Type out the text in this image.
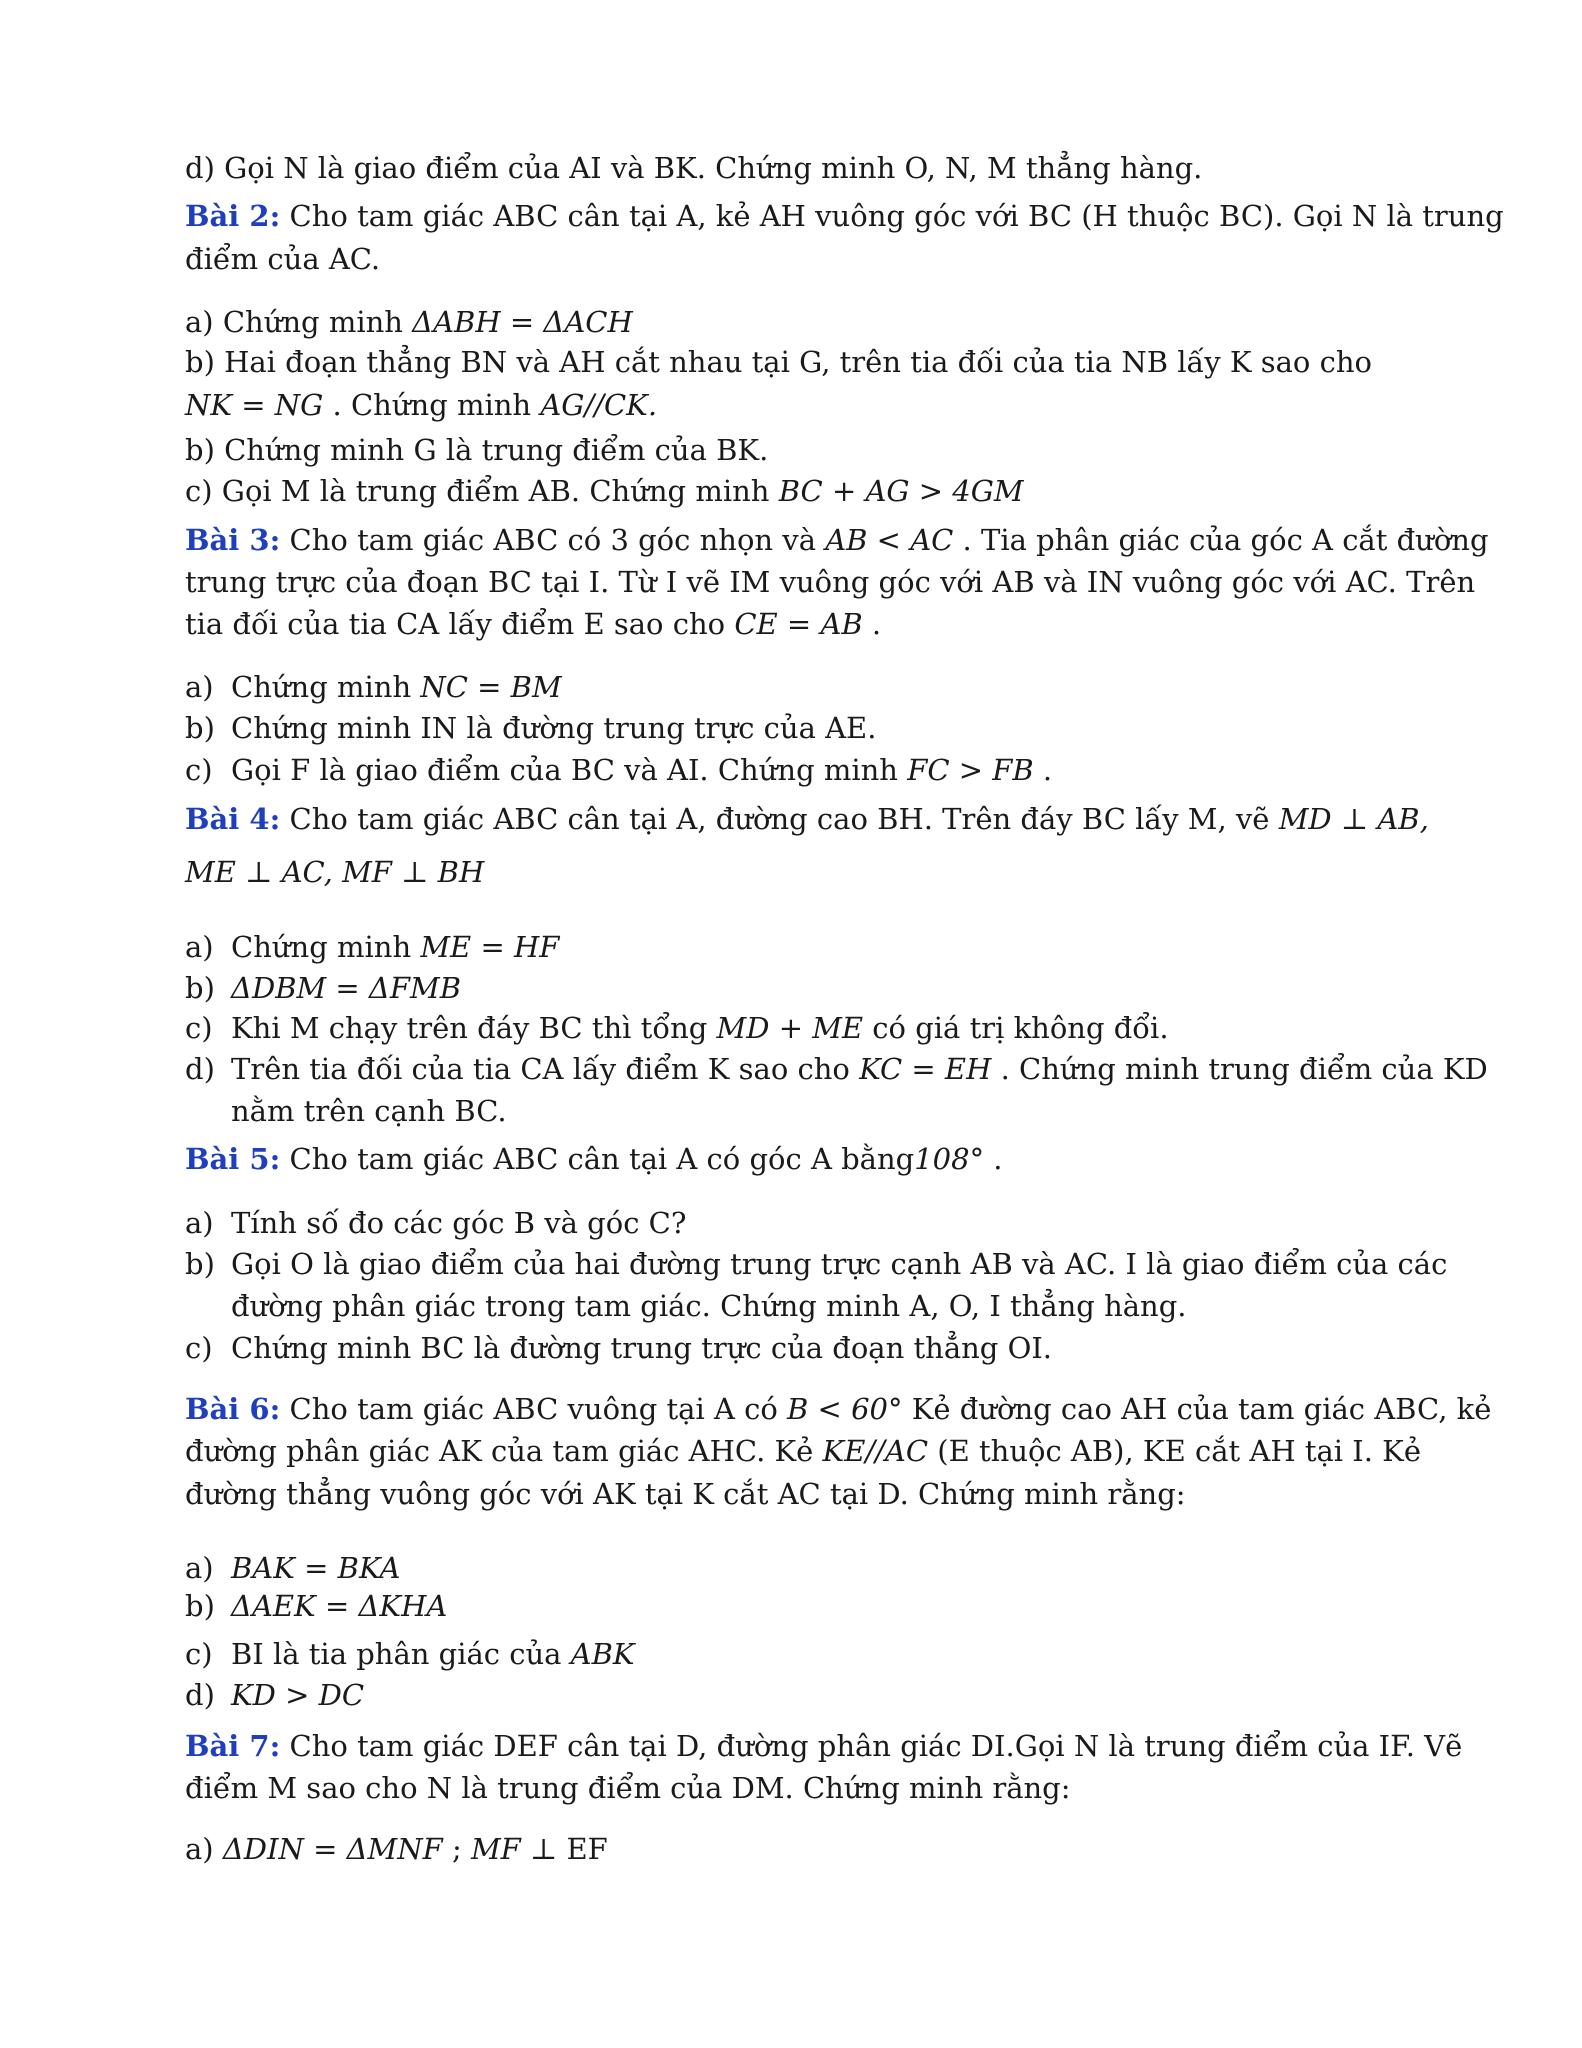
d) Gọi N là giao điểm của AI và BK. Chứng minh O, N, M thẳng hàng.
Bài 2: Cho tam giác ABC cân tại A, kẻ AH vuông góc với BC (H thuộc BC). Gọi N là trung
điểm của AC.
a) Chứng minh ΔABH = ΔACH
b) Hai đoạn thẳng BN và AH cắt nhau tại G, trên tia đối của tia NB lấy K sao cho
NK = NG . Chứng minh AG//CK.
b) Chứng minh G là trung điểm của BK.
c) Gọi M là trung điểm AB. Chứng minh BC + AG > 4GM
Bài 3: Cho tam giác ABC có 3 góc nhọn và AB < AC . Tia phân giác của góc A cắt đường
trung trực của đoạn BC tại I. Từ I vẽ IM vuông góc với AB và IN vuông góc với AC. Trên
tia đối của tia CA lấy điểm E sao cho CE = AB .
a) Chứng minh NC = BM
b) Chứng minh IN là đường trung trực của AE.
c) Gọi F là giao điểm của BC và AI. Chứng minh FC > FB .
Bài 4: Cho tam giác ABC cân tại A, đường cao BH. Trên đáy BC lấy M, vẽ MD ⊥ AB,
ME ⊥ AC, MF ⊥ BH
a) Chứng minh ME = HF
b) ΔDBM = ΔFMB
c) Khi M chạy trên đáy BC thì tổng MD + ME có giá trị không đổi.
d) Trên tia đối của tia CA lấy điểm K sao cho KC = EH . Chứng minh trung điểm của KD
nằm trên cạnh BC.
Bài 5: Cho tam giác ABC cân tại A có góc A bằng108° .
a) Tính số đo các góc B và góc C?
b) Gọi O là giao điểm của hai đường trung trực cạnh AB và AC. I là giao điểm của các
đường phân giác trong tam giác. Chứng minh A, O, I thẳng hàng.
c) Chứng minh BC là đường trung trực của đoạn thẳng OI.
Bài 6: Cho tam giác ABC vuông tại A có B < 60° Kẻ đường cao AH của tam giác ABC, kẻ
đường phân giác AK của tam giác AHC. Kẻ KE//AC (E thuộc AB), KE cắt AH tại I. Kẻ
đường thẳng vuông góc với AK tại K cắt AC tại D. Chứng minh rằng:
a) BAK = BKA
b) ΔAEK = ΔKHA
c) BI là tia phân giác của ABK
d) KD > DC
Bài 7: Cho tam giác DEF cân tại D, đường phân giác DI.Gọi N là trung điểm của IF. Vẽ
điểm M sao cho N là trung điểm của DM. Chứng minh rằng:
a) ΔDIN = ΔMNF ; MF ⊥ EF
